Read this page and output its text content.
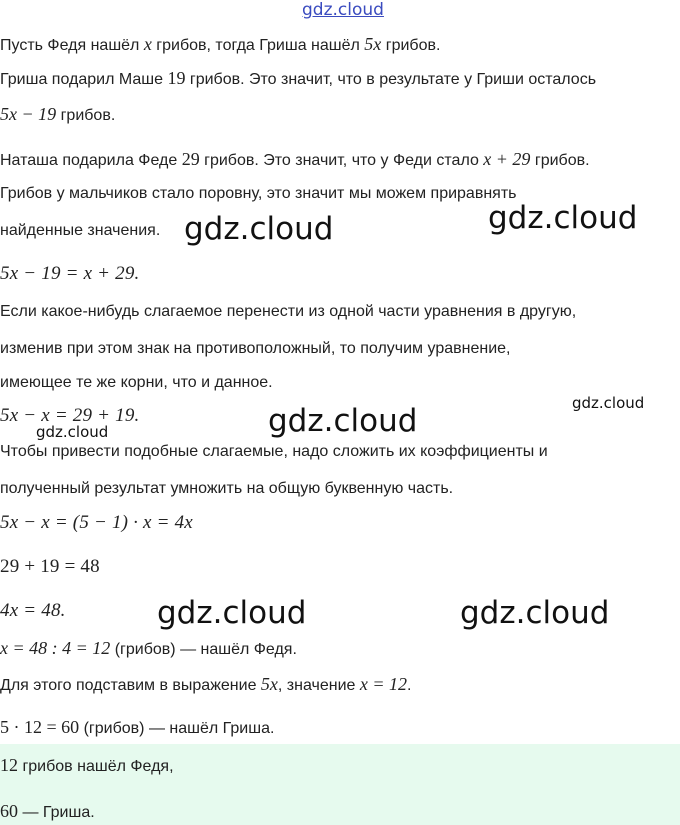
gdz.cloud
Пусть Федя нашёл x грибов, тогда Гриша нашёл 5x грибов.
Гриша подарил Маше 19 грибов. Это значит, что в результате у Гриши осталось
5x − 19 грибов.
Наташа подарила Феде 29 грибов. Это значит, что у Феди стало x + 29 грибов.
Грибов у мальчиков стало поровну, это значит мы можем приравнять
найденные значения.
5x − 19 = x + 29.
Если какое-нибудь слагаемое перенести из одной части уравнения в другую,
изменив при этом знак на противоположный, то получим уравнение,
имеющее те же корни, что и данное.
5x − x = 29 + 19.
Чтобы привести подобные слагаемые, надо сложить их коэффициенты и
полученный результат умножить на общую буквенную часть.
5x − x = (5 − 1) · x = 4x
29 + 19 = 48
4x = 48.
x = 48 : 4 = 12 (грибов) — нашёл Федя.
Для этого подставим в выражение 5x, значение x = 12.
5 · 12 = 60 (грибов) — нашёл Гриша.
12 грибов нашёл Федя,
60 — Гриша.
gdz.cloud	gdz.cloud
gdz.cloud
gdz.cloud
gdz.cloud
gdz.cloud	gdz.cloud
